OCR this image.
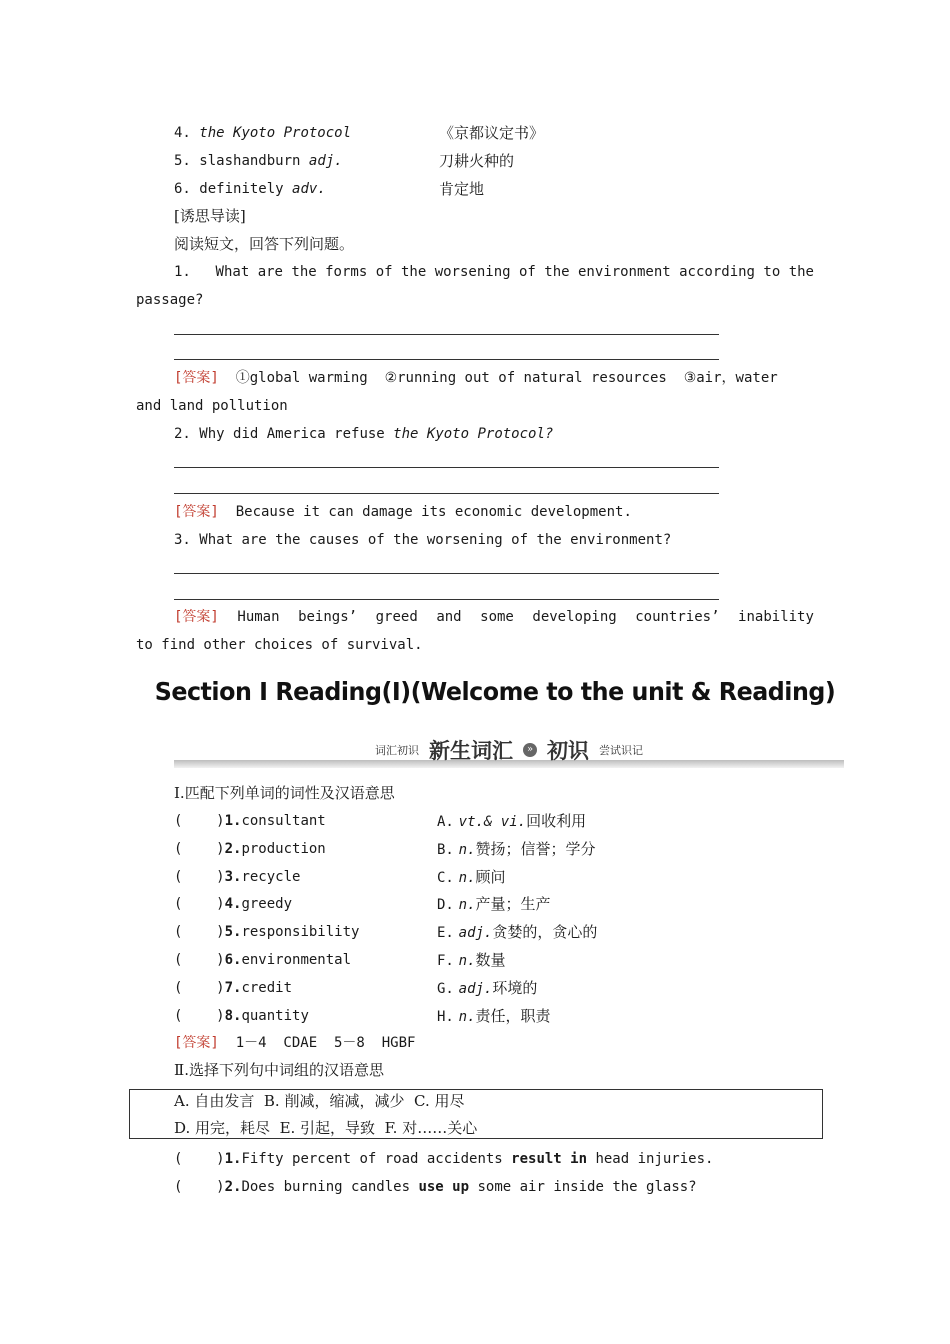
4. the Kyoto Protocol	《京都议定书》
5. slashandburn adj.	刀耕火种的
6. definitely adv.	肯定地
[诱思导读]
阅读短文，回答下列问题。
1. What are the forms of the worsening of the environment according to the
passage?
[答案] ①global warming  ②running out of natural resources  ③air，water
and land pollution
2. Why did America refuse the Kyoto Protocol?
[答案] Because it can damage its economic development.
3. What are the causes of the worsening of the environment?
[答案] Human beings’ greed and some developing countries’ inability
to find other choices of survival.
Section Ⅰ Reading(Ⅰ)(Welcome to the unit & Reading)
词汇初识 新生词汇	» 初识 尝试识记
Ⅰ.匹配下列单词的词性及汉语意思
(    )1.consultant	A. vt.& vi.回收利用
(    )2.production	B. n.赞扬；信誉；学分
(    )3.recycle	C. n.顾问
(    )4.greedy	D. n.产量；生产
(    )5.responsibility	E. adj.贪婪的，贪心的
(    )6.environmental	F. n.数量
(    )7.credit	G. adj.环境的
(    )8.quantity	H. n.责任，职责
[答案] 1－4  CDAE  5－8  HGBF
Ⅱ.选择下列句中词组的汉语意思
A. 自由发言  B. 削减，缩减，减少  C. 用尽
D. 用完，耗尽  E. 引起，导致  F. 对……关心
(    )1.Fifty percent of road accidents result in head injuries.
(    )2.Does burning candles use up some air inside the glass?
